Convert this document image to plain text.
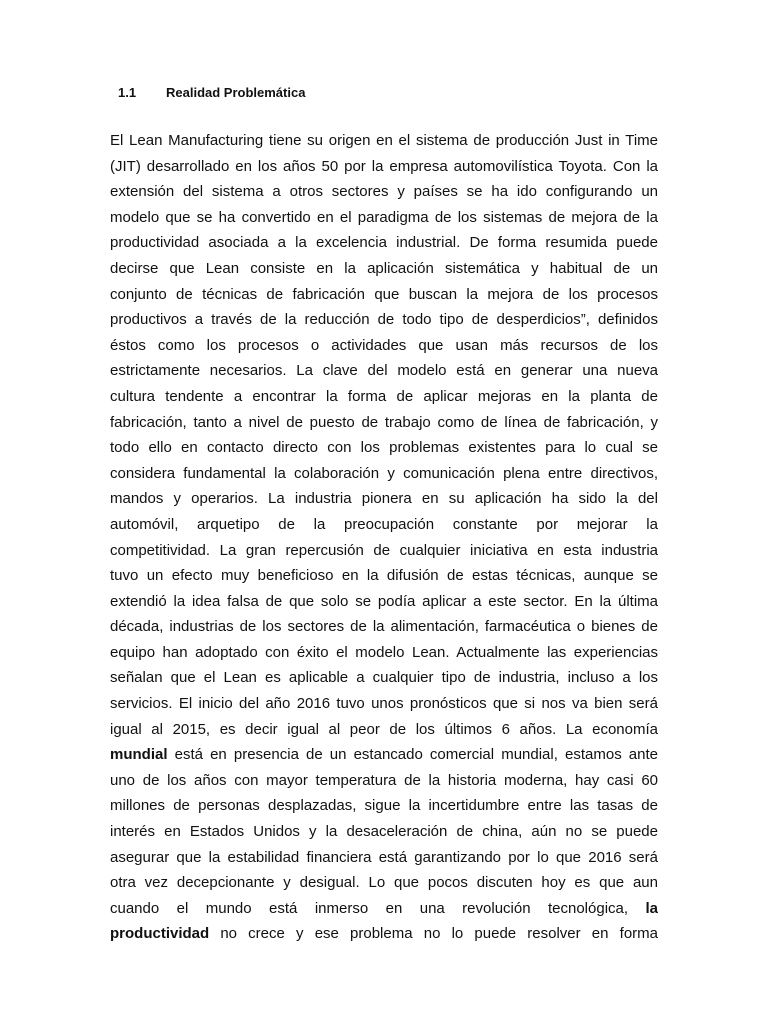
1.1 Realidad Problemática
El Lean Manufacturing tiene su origen en el sistema de producción Just in Time
(JIT) desarrollado en los años 50 por la empresa automovilística Toyota. Con la
extensión del sistema a otros sectores y países se ha ido configurando un
modelo que se ha convertido en el paradigma de los sistemas de mejora de la
productividad asociada a la excelencia industrial. De forma resumida puede
decirse que Lean consiste en la aplicación sistemática y habitual de un
conjunto de técnicas de fabricación que buscan la mejora de los procesos
productivos a través de la reducción de todo tipo de desperdicios”, definidos
éstos como los procesos o actividades que usan más recursos de los
estrictamente necesarios. La clave del modelo está en generar una nueva
cultura tendente a encontrar la forma de aplicar mejoras en la planta de
fabricación, tanto a nivel de puesto de trabajo como de línea de fabricación, y
todo ello en contacto directo con los problemas existentes para lo cual se
considera fundamental la colaboración y comunicación plena entre directivos,
mandos y operarios. La industria pionera en su aplicación ha sido la del
automóvil, arquetipo de la preocupación constante por mejorar la
competitividad. La gran repercusión de cualquier iniciativa en esta industria
tuvo un efecto muy beneficioso en la difusión de estas técnicas, aunque se
extendió la idea falsa de que solo se podía aplicar a este sector. En la última
década, industrias de los sectores de la alimentación, farmacéutica o bienes de
equipo han adoptado con éxito el modelo Lean. Actualmente las experiencias
señalan que el Lean es aplicable a cualquier tipo de industria, incluso a los
servicios. El inicio del año 2016 tuvo unos pronósticos que si nos va bien será
igual al 2015, es decir igual al peor de los últimos 6 años. La economía
mundial está en presencia de un estancado comercial mundial, estamos ante
uno de los años con mayor temperatura de la historia moderna, hay casi 60
millones de personas desplazadas, sigue la incertidumbre entre las tasas de
interés en Estados Unidos y la desaceleración de china, aún no se puede
asegurar que la estabilidad financiera está garantizando por lo que 2016 será
otra vez decepcionante y desigual. Lo que pocos discuten hoy es que aun
cuando el mundo está inmerso en una revolución tecnológica, la
productividad no crece y ese problema no lo puede resolver en forma
